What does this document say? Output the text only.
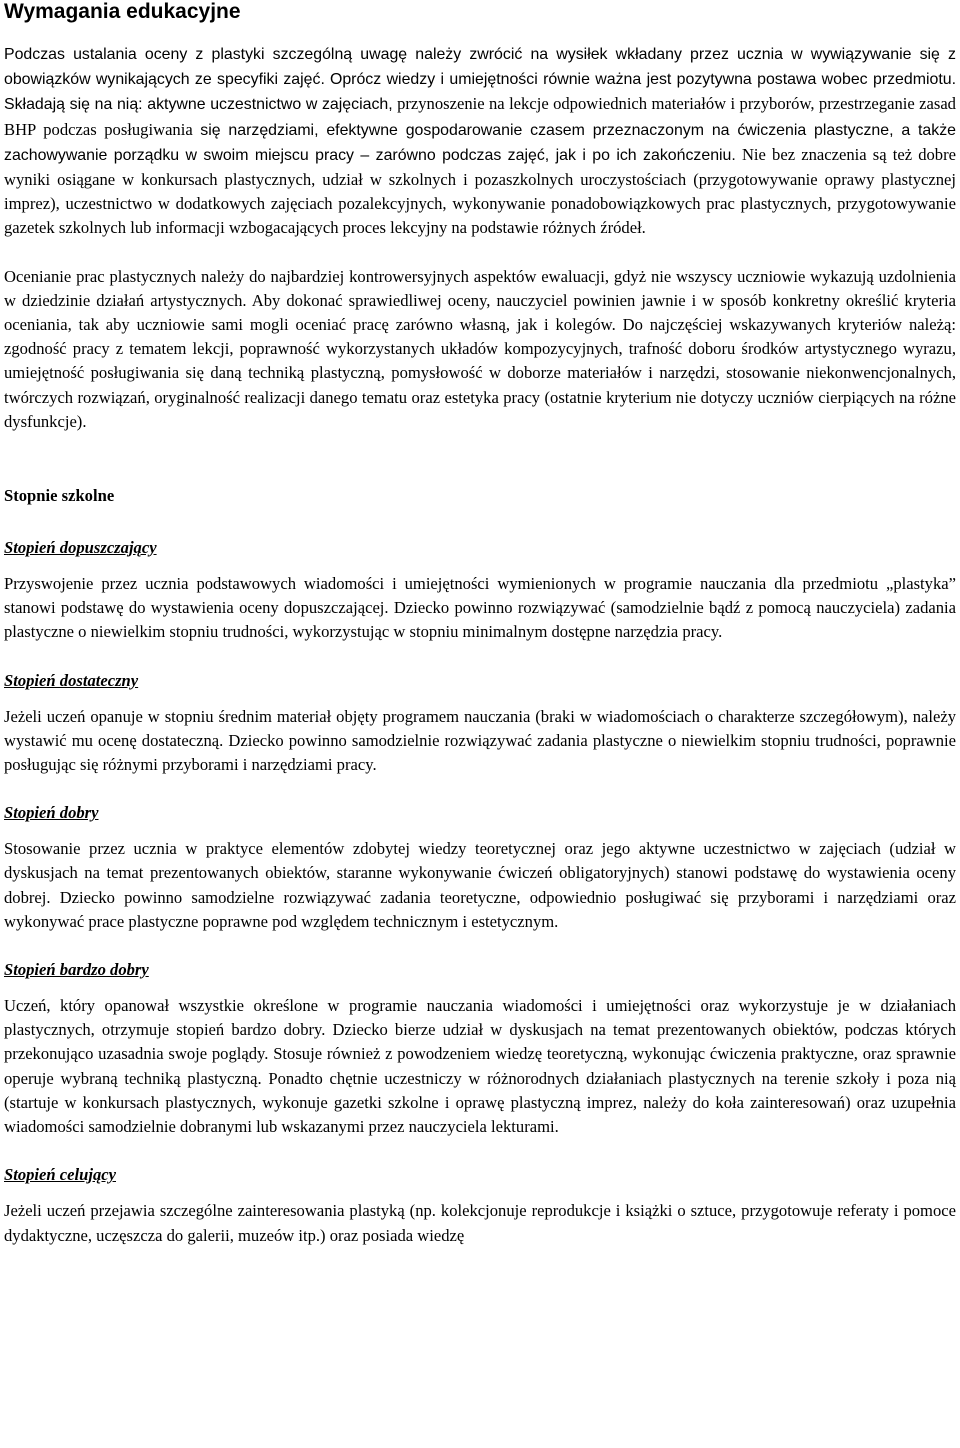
Wymagania edukacyjne

Podczas ustalania oceny z plastyki szczególną uwagę należy zwrócić na wysiłek wkładany przez ucznia w wywiązywanie się z obowiązków wynikających ze specyfiki zajęć. Oprócz wiedzy i umiejętności równie ważna jest pozytywna postawa wobec przedmiotu. Składają się na nią: aktywne uczestnictwo w zajęciach, przynoszenie na lekcje odpowiednich materiałów i przyborów, przestrzeganie zasad BHP podczas posługiwania się narzędziami, efektywne gospodarowanie czasem przeznaczonym na ćwiczenia plastyczne, a także zachowywanie porządku w swoim miejscu pracy – zarówno podczas zajęć, jak i po ich zakończeniu. Nie bez znaczenia są też dobre wyniki osiągane w konkursach plastycznych, udział w szkolnych i pozaszkolnych uroczystościach (przygotowywanie oprawy plastycznej imprez), uczestnictwo w dodatkowych zajęciach pozalekcyjnych, wykonywanie ponadobowiązkowych prac plastycznych, przygotowywanie gazetek szkolnych lub informacji wzbogacających proces lekcyjny na podstawie różnych źródeł.

Ocenianie prac plastycznych należy do najbardziej kontrowersyjnych aspektów ewaluacji, gdyż nie wszyscy uczniowie wykazują uzdolnienia w dziedzinie działań artystycznych. Aby dokonać sprawiedliwej oceny, nauczyciel powinien jawnie i w sposób konkretny określić kryteria oceniania, tak aby uczniowie sami mogli oceniać pracę zarówno własną, jak i kolegów. Do najczęściej wskazywanych kryteriów należą: zgodność pracy z tematem lekcji, poprawność wykorzystanych układów kompozycyjnych, trafność doboru środków artystycznego wyrazu, umiejętność posługiwania się daną techniką plastyczną, pomysłowość w doborze materiałów i narzędzi, stosowanie niekonwencjonalnych, twórczych rozwiązań, oryginalność realizacji danego tematu oraz estetyka pracy (ostatnie kryterium nie dotyczy uczniów cierpiących na różne dysfunkcje).

Stopnie szkolne
Stopień dopuszczający

Przyswojenie przez ucznia podstawowych wiadomości i umiejętności wymienionych w programie nauczania dla przedmiotu „plastyka” stanowi podstawę do wystawienia oceny dopuszczającej. Dziecko powinno rozwiązywać (samodzielnie bądź z pomocą nauczyciela) zadania plastyczne o niewielkim stopniu trudności, wykorzystując w stopniu minimalnym dostępne narzędzia pracy.

Stopień dostateczny

Jeżeli uczeń opanuje w stopniu średnim materiał objęty programem nauczania (braki w wiadomościach o charakterze szczegółowym), należy wystawić mu ocenę dostateczną. Dziecko powinno samodzielnie rozwiązywać zadania plastyczne o niewielkim stopniu trudności, poprawnie posługując się różnymi przyborami i narzędziami pracy.

Stopień dobry

Stosowanie przez ucznia w praktyce elementów zdobytej wiedzy teoretycznej oraz jego aktywne uczestnictwo w zajęciach (udział w dyskusjach na temat prezentowanych obiektów, staranne wykonywanie ćwiczeń obligatoryjnych) stanowi podstawę do wystawienia oceny dobrej. Dziecko powinno samodzielne rozwiązywać zadania teoretyczne, odpowiednio posługiwać się przyborami i narzędziami oraz wykonywać prace plastyczne poprawne pod względem technicznym i estetycznym.

Stopień bardzo dobry

Uczeń, który opanował wszystkie określone w programie nauczania wiadomości i umiejętności oraz wykorzystuje je w działaniach plastycznych, otrzymuje stopień bardzo dobry. Dziecko bierze udział w dyskusjach na temat prezentowanych obiektów, podczas których przekonująco uzasadnia swoje poglądy. Stosuje również z powodzeniem wiedzę teoretyczną, wykonując ćwiczenia praktyczne, oraz sprawnie operuje wybraną techniką plastyczną. Ponadto chętnie uczestniczy w różnorodnych działaniach plastycznych na terenie szkoły i poza nią (startuje w konkursach plastycznych, wykonuje gazetki szkolne i oprawę plastyczną imprez, należy do koła zainteresowań) oraz uzupełnia wiadomości samodzielnie dobranymi lub wskazanymi przez nauczyciela lekturami.

Stopień celujący

Jeżeli uczeń przejawia szczególne zainteresowania plastyką (np. kolekcjonuje reprodukcje i książki o sztuce, przygotowuje referaty i pomoce dydaktyczne, uczęszcza do galerii, muzeów itp.) oraz posiada wiedzę
